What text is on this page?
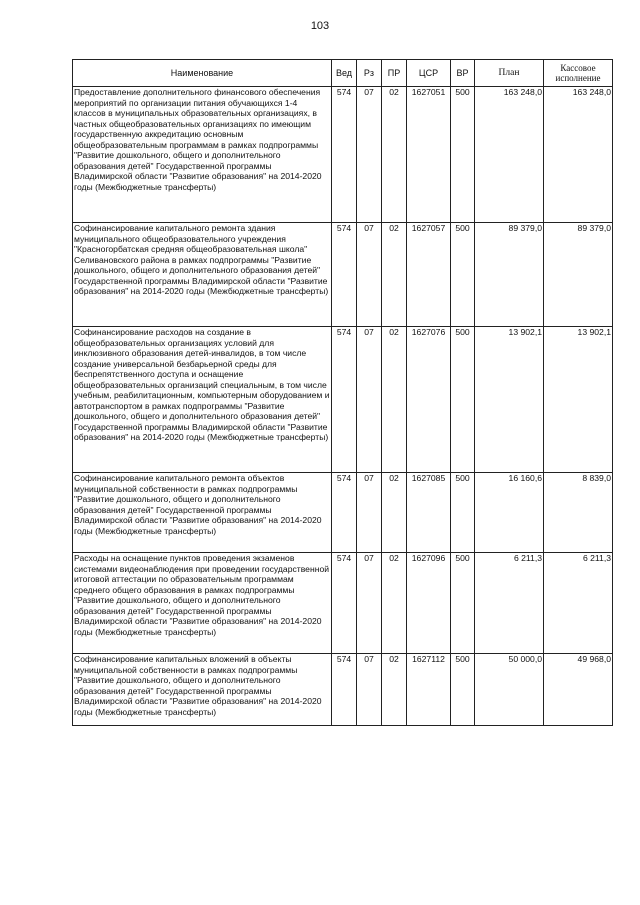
103
Наименование	Вед	Рз	ПР	ЦСР	ВР	План	Кассовое исполнение
Предоставление дополнительного финансового обеспечения мероприятий по организации питания обучающихся 1-4 классов в муниципальных образовательных организациях, в частных общеобразовательных организациях по имеющим государственную аккредитацию основным общеобразовательным программам в рамках подпрограммы "Развитие дошкольного, общего и дополнительного образования детей" Государственной программы Владимирской области "Развитие образования" на 2014-2020 годы (Межбюджетные трансферты)	574	07	02	1627051	500	163 248,0	163 248,0
Софинансирование капитального ремонта здания муниципального общеобразовательного учреждения "Красногорбатская средняя общеобразовательная школа" Селивановского района в рамках подпрограммы "Развитие дошкольного, общего и дополнительного образования детей" Государственной программы Владимирской области "Развитие образования" на 2014-2020 годы (Межбюджетные трансферты)	574	07	02	1627057	500	89 379,0	89 379,0
Софинансирование расходов на создание в общеобразовательных организациях условий для инклюзивного образования детей-инвалидов, в том числе создание универсальной безбарьерной среды для беспрепятственного доступа и оснащение общеобразовательных организаций специальным, в том числе учебным, реабилитационным, компьютерным оборудованием и автотранспортом в рамках подпрограммы "Развитие дошкольного, общего и дополнительного образования детей" Государственной программы Владимирской области "Развитие образования" на 2014-2020 годы (Межбюджетные трансферты)	574	07	02	1627076	500	13 902,1	13 902,1
Софинансирование капитального ремонта объектов муниципальной собственности в рамках подпрограммы "Развитие дошкольного, общего и дополнительного образования детей" Государственной программы Владимирской области "Развитие образования" на 2014-2020 годы (Межбюджетные трансферты)	574	07	02	1627085	500	16 160,6	8 839,0
Расходы на оснащение пунктов проведения экзаменов системами видеонаблюдения при проведении государственной итоговой аттестации по образовательным программам среднего общего образования в рамках подпрограммы "Развитие дошкольного, общего и дополнительного образования детей" Государственной программы Владимирской области "Развитие образования" на 2014-2020 годы (Межбюджетные трансферты)	574	07	02	1627096	500	6 211,3	6 211,3
Софинансирование капитальных вложений в объекты муниципальной собственности в рамках подпрограммы "Развитие дошкольного, общего и дополнительного образования детей" Государственной программы Владимирской области "Развитие образования" на 2014-2020 годы (Межбюджетные трансферты)	574	07	02	1627112	500	50 000,0	49 968,0
